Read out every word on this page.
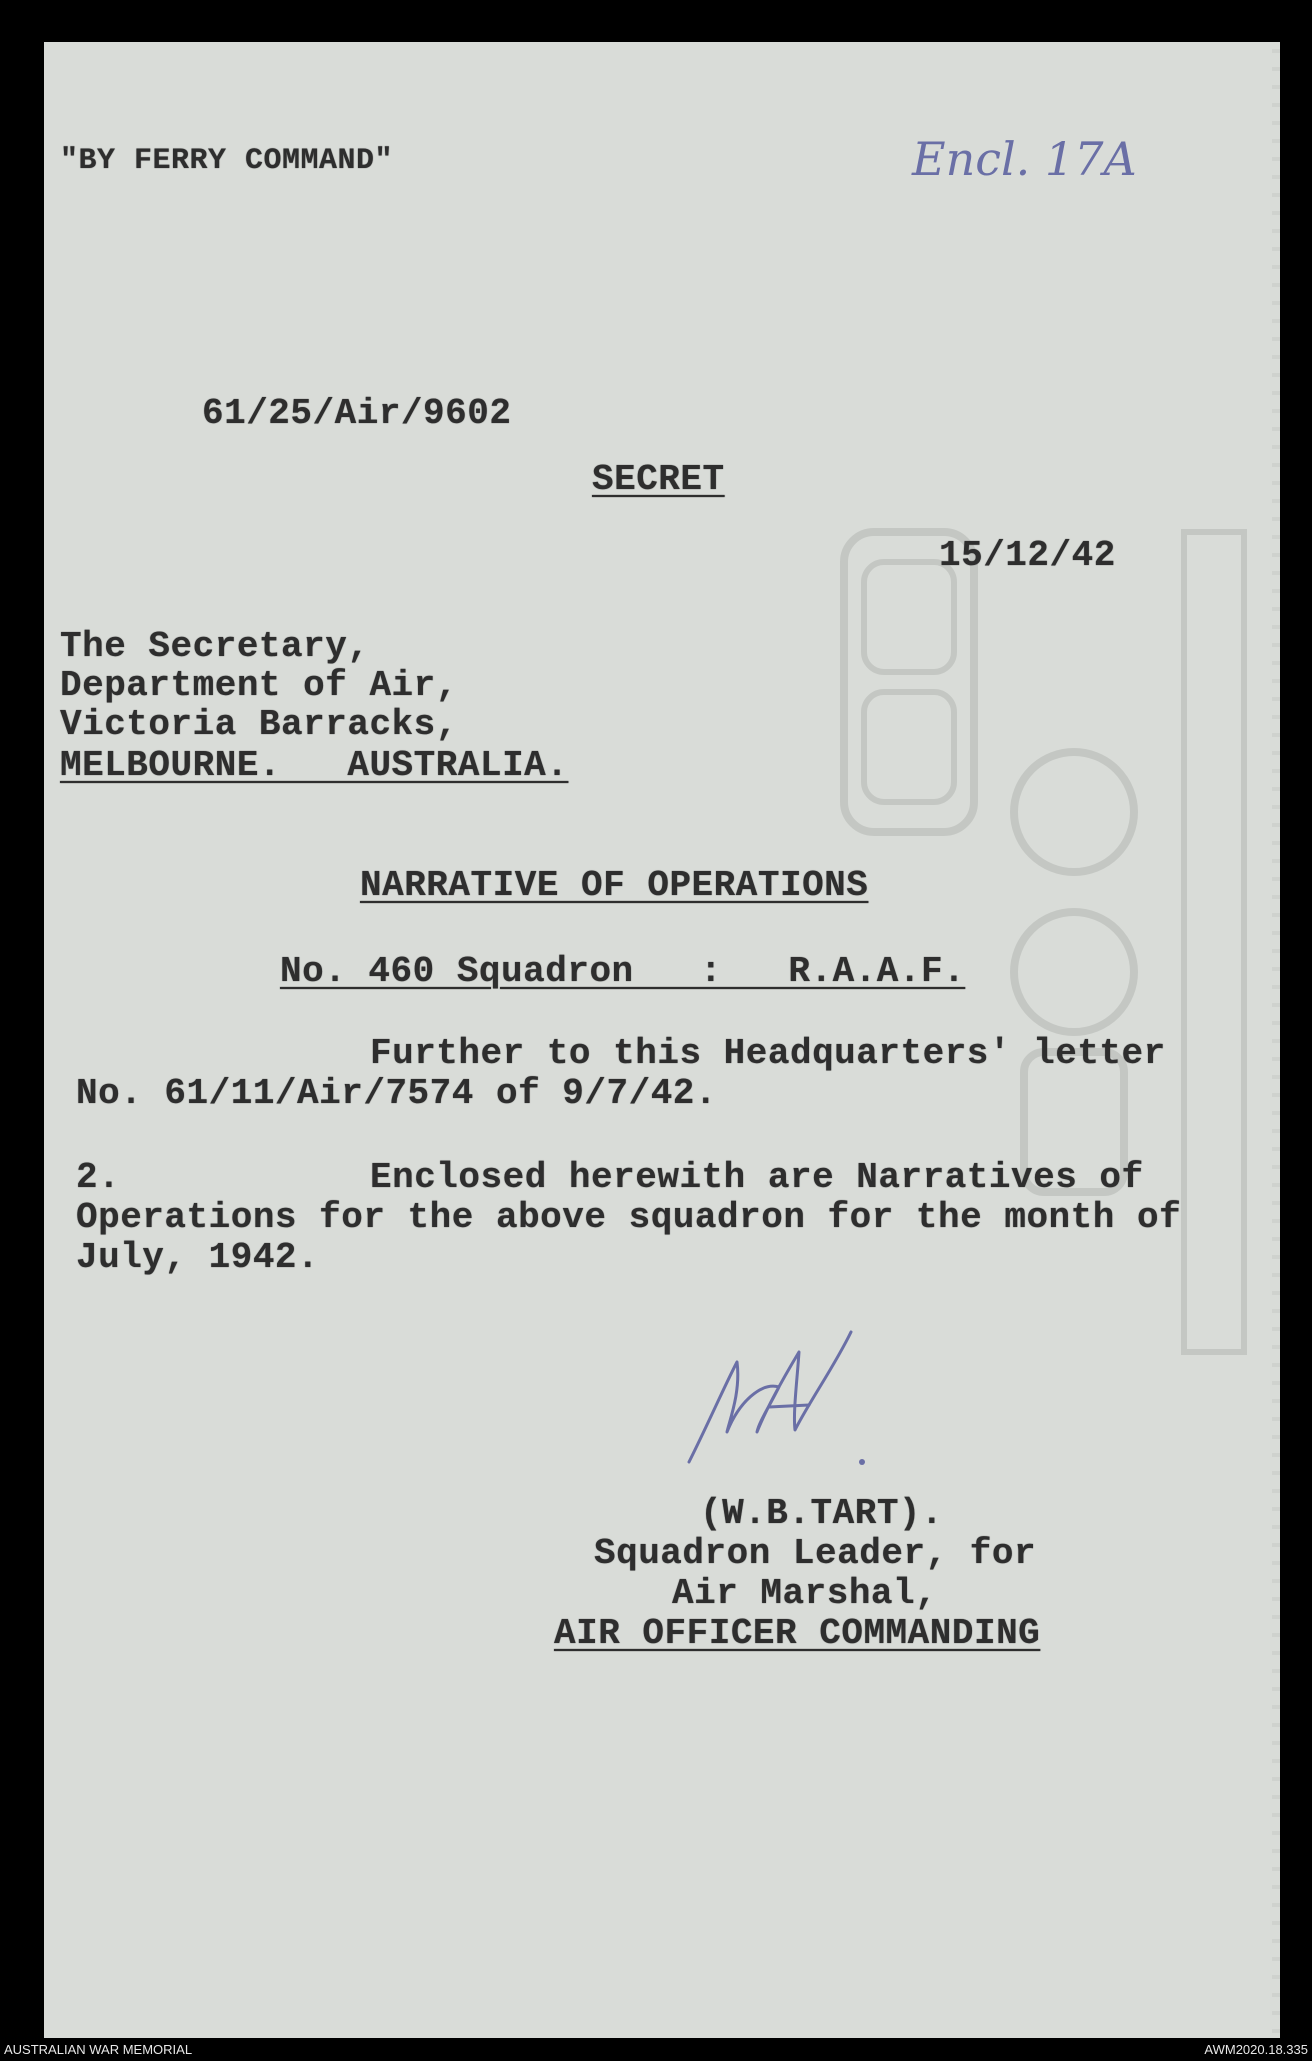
"BY FERRY COMMAND"	Encl. 17A
61/25/Air/9602
SECRET
15/12/42
The Secretary,
Department of Air,
Victoria Barracks,
MELBOURNE.   AUSTRALIA.
NARRATIVE OF OPERATIONS
No. 460 Squadron   :   R.A.A.F.
Further to this Headquarters' letter
No. 61/11/Air/7574 of 9/7/42.
2.	Enclosed herewith are Narratives of
Operations for the above squadron for the month of
July, 1942.
(W.B.TART).
Squadron Leader, for
Air Marshal,
AIR OFFICER COMMANDING
AUSTRALIAN WAR MEMORIAL	AWM2020.18.335
